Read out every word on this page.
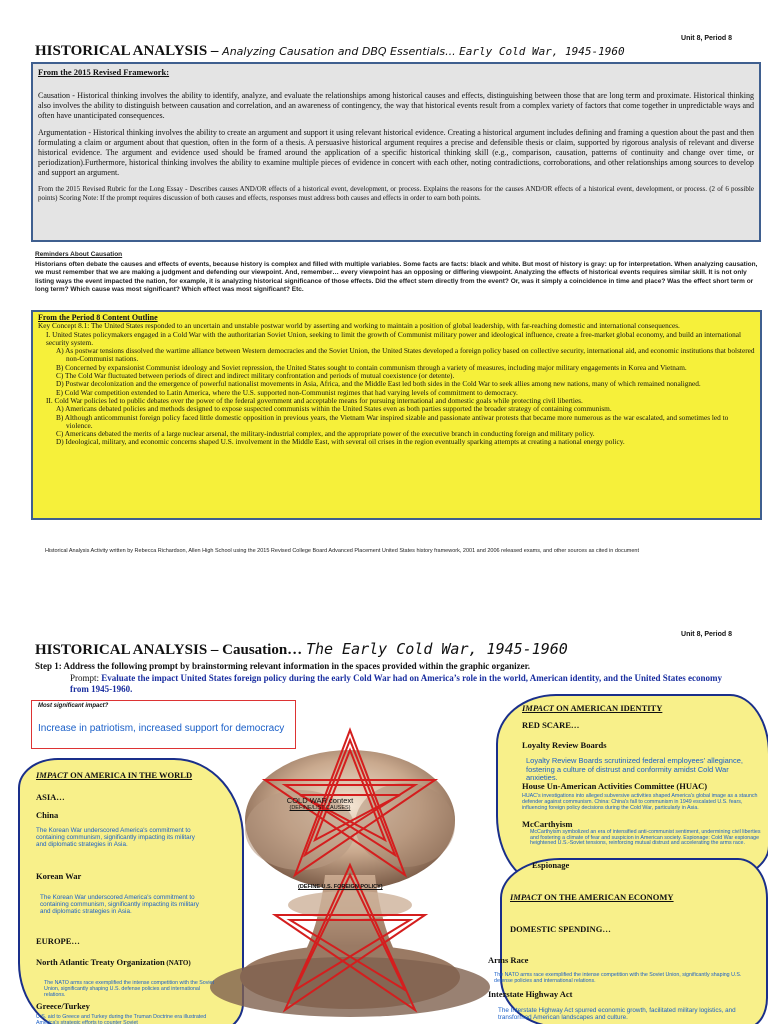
Unit 8, Period 8
HISTORICAL ANALYSIS – Analyzing Causation and DBQ Essentials... Early Cold War, 1945-1960
From the 2015 Revised Framework:

Causation - Historical thinking involves the ability to identify, analyze, and evaluate the relationships among historical causes and effects, distinguishing between those that are long term and proximate. Historical thinking also involves the ability to distinguish between causation and correlation, and an awareness of contingency, the way that historical events result from a complex variety of factors that come together in unpredictable ways and often have unanticipated consequences.

Argumentation - Historical thinking involves the ability to create an argument and support it using relevant historical evidence. Creating a historical argument includes defining and framing a question about the past and then formulating a claim or argument about that question, often in the form of a thesis. A persuasive historical argument requires a precise and defensible thesis or claim, supported by rigorous analysis of relevant and diverse historical evidence. The argument and evidence used should be framed around the application of a specific historical thinking skill (e.g., comparison, causation, patterns of continuity and change over time, or periodization).Furthermore, historical thinking involves the ability to examine multiple pieces of evidence in concert with each other, noting contradictions, corroborations, and other relationships among sources to develop and support an argument.

From the 2015 Revised Rubric for the Long Essay - Describes causes AND/OR effects of a historical event, development, or process. Explains the reasons for the causes AND/OR effects of a historical event, development, or process. (2 of 6 possible points) Scoring Note: If the prompt requires discussion of both causes and effects, responses must address both causes and effects in order to earn both points.

Reminders About Causation
Historians often debate the causes and effects of events, because history is complex and filled with multiple variables. Some facts are facts: black and white. But most of history is gray: up for interpretation. When analyzing causation, we must remember that we are making a judgment and defending our viewpoint. And, remember… every viewpoint has an opposing or differing viewpoint. Analyzing the effects of historical events requires similar skill. It is not only listing ways the event impacted the nation, for example, it is analyzing historical significance of those effects. Did the effect stem directly from the event? Or, was it simply a coincidence in time and place? Was the effect short term or long term? Which cause was most significant? Which effect was most significant? Etc.
From the Period 8 Content Outline
Key Concept 8.1: The United States responded to an uncertain and unstable postwar world by asserting and working to maintain a position of global leadership, with far-reaching domestic and international consequences.
I. United States policymakers engaged in a Cold War with the authoritarian Soviet Union, seeking to limit the growth of Communist military power and ideological influence, create a free-market global economy, and build an international security system.
A) As postwar tensions dissolved the wartime alliance between Western democracies and the Soviet Union, the United States developed a foreign policy based on collective security, international aid, and economic institutions that bolstered non-Communist nations.
B) Concerned by expansionist Communist ideology and Soviet repression, the United States sought to contain communism through a variety of measures, including major military engagements in Korea and Vietnam.
C) The Cold War fluctuated between periods of direct and indirect military confrontation and periods of mutual coexistence (or detente).
D) Postwar decolonization and the emergence of powerful nationalist movements in Asia, Africa, and the Middle East led both sides in the Cold War to seek allies among new nations, many of which remained nonaligned.
E) Cold War competition extended to Latin America, where the U.S. supported non-Communist regimes that had varying levels of commitment to democracy.
II. Cold War policies led to public debates over the power of the federal government and acceptable means for pursuing international and domestic goals while protecting civil liberties.
A) Americans debated policies and methods designed to expose suspected communists within the United States even as both parties supported the broader strategy of containing communism.
B) Although anticommunist foreign policy faced little domestic opposition in previous years, the Vietnam War inspired sizable and passionate antiwar protests that became more numerous as the war escalated, and sometimes led to violence.
C) Americans debated the merits of a large nuclear arsenal, the military-industrial complex, and the appropriate power of the executive branch in conducting foreign and military policy.
D) Ideological, military, and economic concerns shaped U.S. involvement in the Middle East, with several oil crises in the region eventually sparking attempts at creating a national energy policy.
Historical Analysis Activity written by Rebecca Richardson, Allen High School using the 2015 Revised College Board Advanced Placement United States history framework, 2001 and 2006 released exams, and other sources as cited in document
Unit 8, Period 8
HISTORICAL ANALYSIS – Causation… The Early Cold War, 1945-1960
Step 1: Address the following prompt by brainstorming relevant information in the spaces provided within the graphic organizer.
Prompt: Evaluate the impact United States foreign policy during the early Cold War had on America’s role in the world, American identity, and the United States economy from 1945-1960.
Most significant impact?
Increase in patriotism, increased support for democracy
COLD WAR context
(DEFINE/LIST CAUSES)
(DEFINE U.S. FOREIGN POLICY)
IMPACT ON AMERICA IN THE WORLD
ASIA…
China
The Korean War underscored America's commitment to containing communism, significantly impacting its military and diplomatic strategies in Asia.
Korean War
The Korean War underscored America's commitment to containing communism, significantly impacting its military and diplomatic strategies in Asia.
EUROPE…
North Atlantic Treaty Organization (NATO)
The NATO arms race exemplified the intense competition with the Soviet Union, significantly shaping U.S. defense policies and international relations.
Greece/Turkey
U.S. aid to Greece and Turkey during the Truman Doctrine era illustrated America's strategic efforts to counter Soviet
IMPACT ON AMERICAN IDENTITY
RED SCARE…
Loyalty Review Boards
Loyalty Review Boards scrutinized federal employees' allegiance, fostering a culture of distrust and conformity amidst Cold War anxieties.
House Un-American Activities Committee (HUAC)
HUAC's investigations into alleged subversive activities shaped America's global image as a staunch defender against communism. China: China's fall to communism in 1949 escalated U.S. fears, influencing foreign policy decisions during the Cold War, particularly in Asia.
McCarthyism
McCarthyism symbolized an era of intensified anti-communist sentiment, undermining civil liberties and fostering a climate of fear and suspicion in American society. Espionage: Cold War espionage heightened U.S.-Soviet tensions, reinforcing mutual distrust and accelerating the arms race.
Espionage
IMPACT ON THE AMERICAN ECONOMY
DOMESTIC SPENDING…
Arms Race
The NATO arms race exemplified the intense competition with the Soviet Union, significantly shaping U.S. defense policies and international relations.
Interstate Highway Act
The Interstate Highway Act spurred economic growth, facilitated military logistics, and transformed American landscapes and culture.
